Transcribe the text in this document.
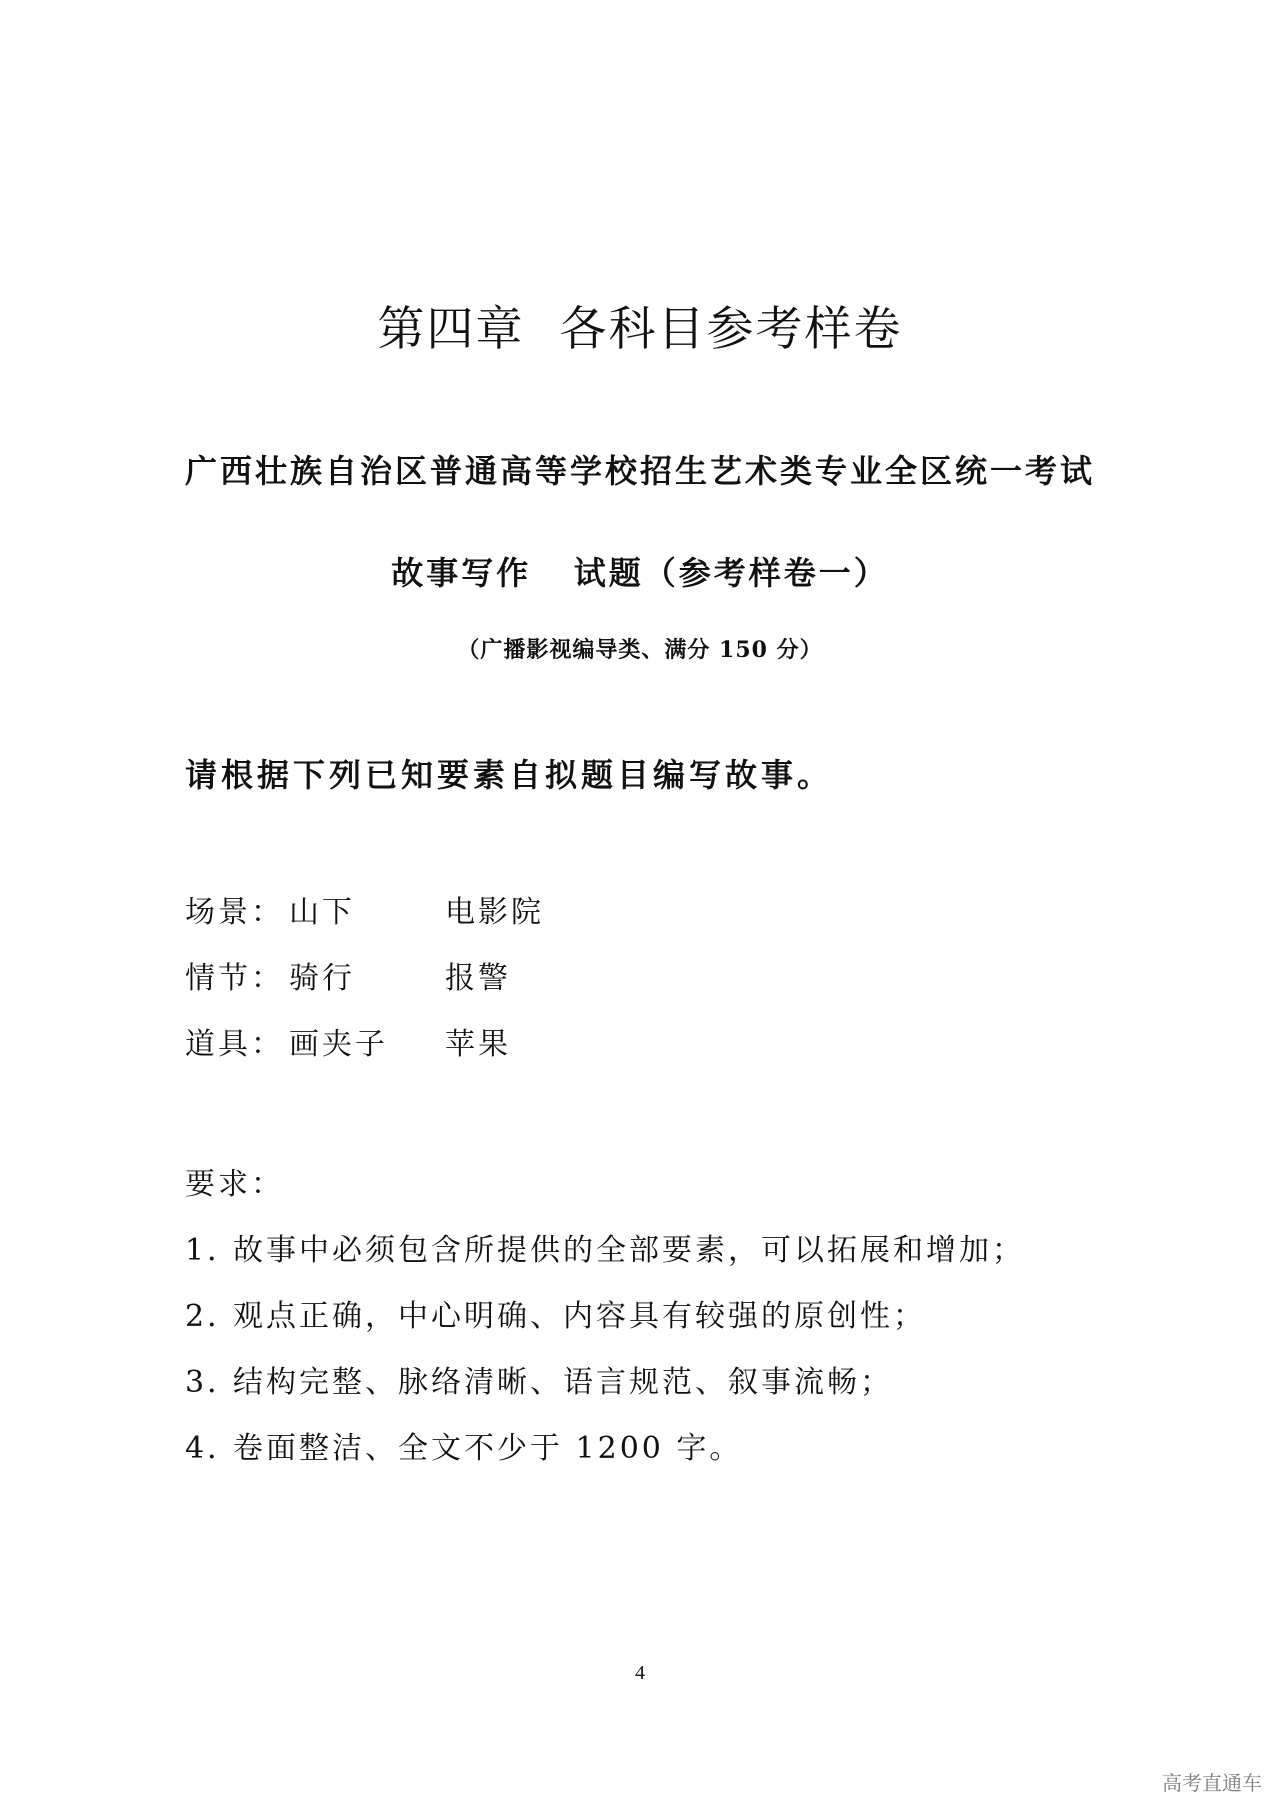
第四章 各科目参考样卷
广西壮族自治区普通高等学校招生艺术类专业全区统一考试
故事写作   试题（参考样卷一）
（广播影视编导类、满分 150 分）
请根据下列已知要素自拟题目编写故事。
场景： 山下	电影院
情节： 骑行	报警
道具： 画夹子 苹果
要求：
1．故事中必须包含所提供的全部要素，可以拓展和增加；
2．观点正确，中心明确、内容具有较强的原创性；
3．结构完整、脉络清晰、语言规范、叙事流畅；
4．卷面整洁、全文不少于 1200 字。
4
高考直通车
